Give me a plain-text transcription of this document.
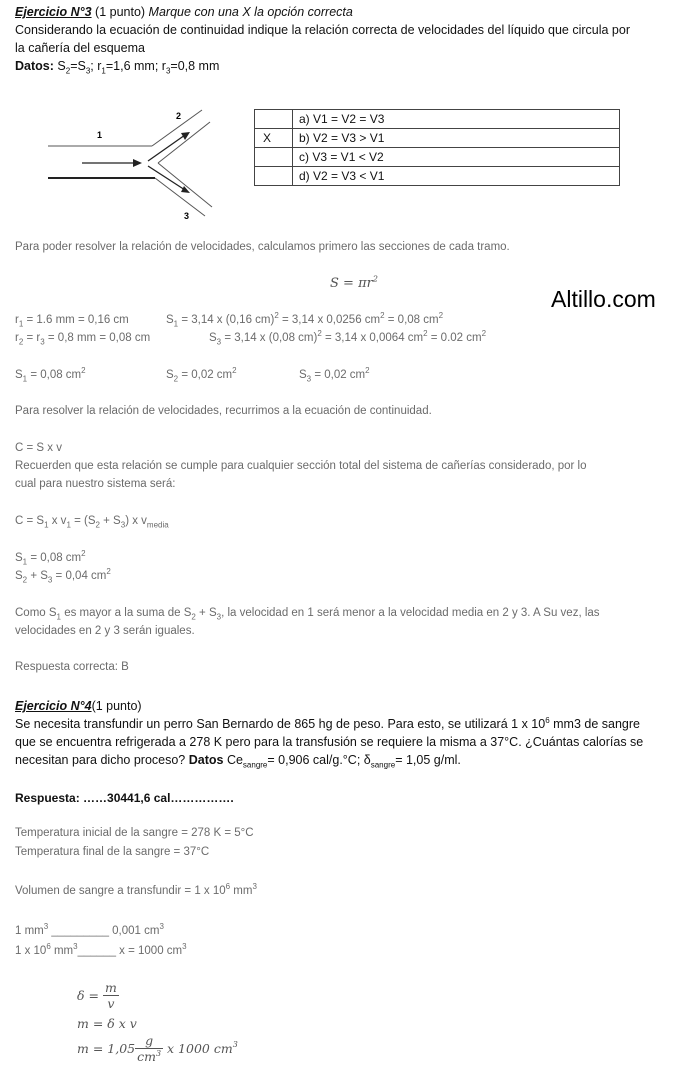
Ejercicio N°3 (1 punto) Marque con una X la opción correcta
Considerando la ecuación de continuidad indique la relación correcta de velocidades del líquido que circula por
la cañería del esquema
Datos: $S_2=S_3$; $r_1=1,6$ mm; $r_3=0,8$ mm
1
2
3
	a) V1 = V2 = V3
X	b) V2 = V3 > V1
	c) V3 = V1 < V2
	d) V2 = V3 < V1
Para poder resolver la relación de velocidades, calculamos primero las secciones de cada tramo.
$S = \pi r^2$
Altillo.com
$r_1 = 1.6$ mm = 0,16 cm	$S_1 = 3,14$ x (0,16 cm)$^2$ = 3,14 x 0,0256 $cm^2 = 0,08$ $cm^2$
$r_2 = r_3 = 0,8$ mm = 0,08 cm	$S_3 = 3,14$ x (0,08 cm)$^2$ = 3,14 x 0,0064 $cm^2 = 0.02$ $cm^2$
$S_1 = 0,08$ $cm^2$	$S_2 = 0,02$ $cm^2$	$S_3 = 0,02$ $cm^2$
Para resolver la relación de velocidades, recurrimos a la ecuación de continuidad.
C = S x v
Recuerden que esta relación se cumple para cualquier sección total del sistema de cañerías considerado, por lo
cual para nuestro sistema será:
$C = S_1$ x $v_1 = (S_2 + S_3)$ x $v_{media}$
$S_1 = 0,08$ $cm^2$
$S_2 + S_3 = 0,04$ $cm^2$
Como $S_1$ es mayor a la suma de $S_2 + S_3$, la velocidad en 1 será menor a la velocidad media en 2 y 3. A Su vez, las
velocidades en 2 y 3 serán iguales.
Respuesta correcta: B
Ejercicio N°4(1 punto)
Se necesita transfundir un perro San Bernardo de 865 hg de peso. Para esto, se utilizará 1 x $10^6$ mm3 de sangre
que se encuentra refrigerada a 278 K pero para la transfusión se requiere la misma a 37°C. ¿Cuántas calorías se
necesitan para dicho proceso? Datos $Ce_{sangre}= 0,906$ cal/g.°C; $\delta_{sangre}= 1,05$ g/ml.
Respuesta: ……30441,6 cal…………….
Temperatura inicial de la sangre = 278 K = 5°C
Temperatura final de la sangre = 37°C
Volumen de sangre a transfundir = 1 x $10^6$ $mm^3$
1 $mm^3$ _________ 0,001 $cm^3$
1 x $10^6$ $mm^3\_\_\_\_\_\_$ x = 1000 $cm^3$
$\delta = \frac{m}{v}$
m = δ x v
$m = 1,05 \frac{g}{cm^3}$ x 1000 $cm^3$
